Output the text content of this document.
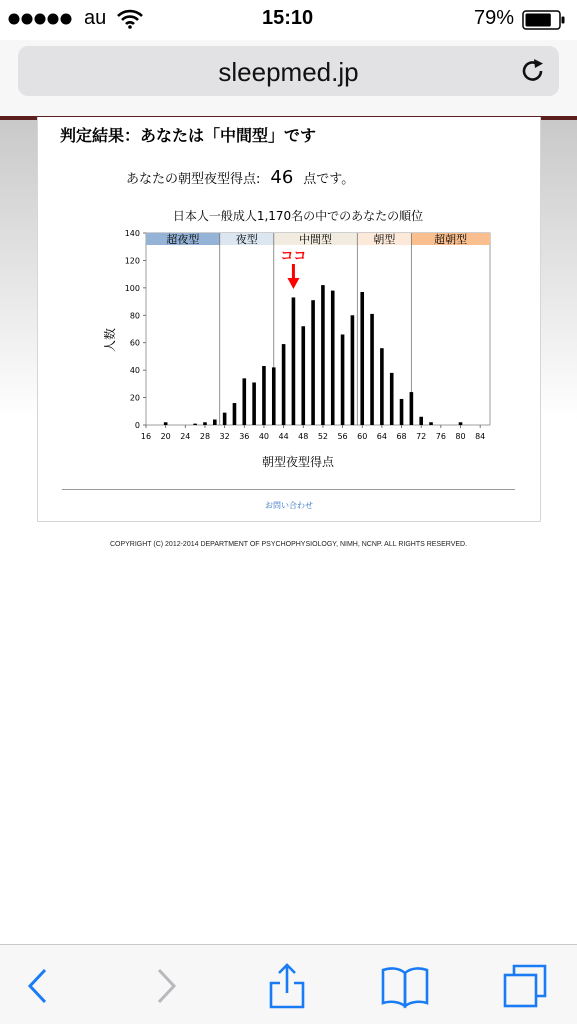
au	15:10	79%
sleepmed.jp
判定結果：あなたは「中間型」です
あなたの朝型夜型得点: 46 点です。
日本人一般成人1,170名の中でのあなたの順位
超夜型	夜型	中間型	朝型	超朝型
0
20
40
60
80
100
120
140
16 20 24 28 32 36 40 44 48 52 56 60 64 68 72 76 80 84
ココ
朝型夜型得点
人数
お問い合わせ
COPYRIGHT (C) 2012-2014 DEPARTMENT OF PSYCHOPHYSIOLOGY, NIMH, NCNP. ALL RIGHTS RESERVED.
